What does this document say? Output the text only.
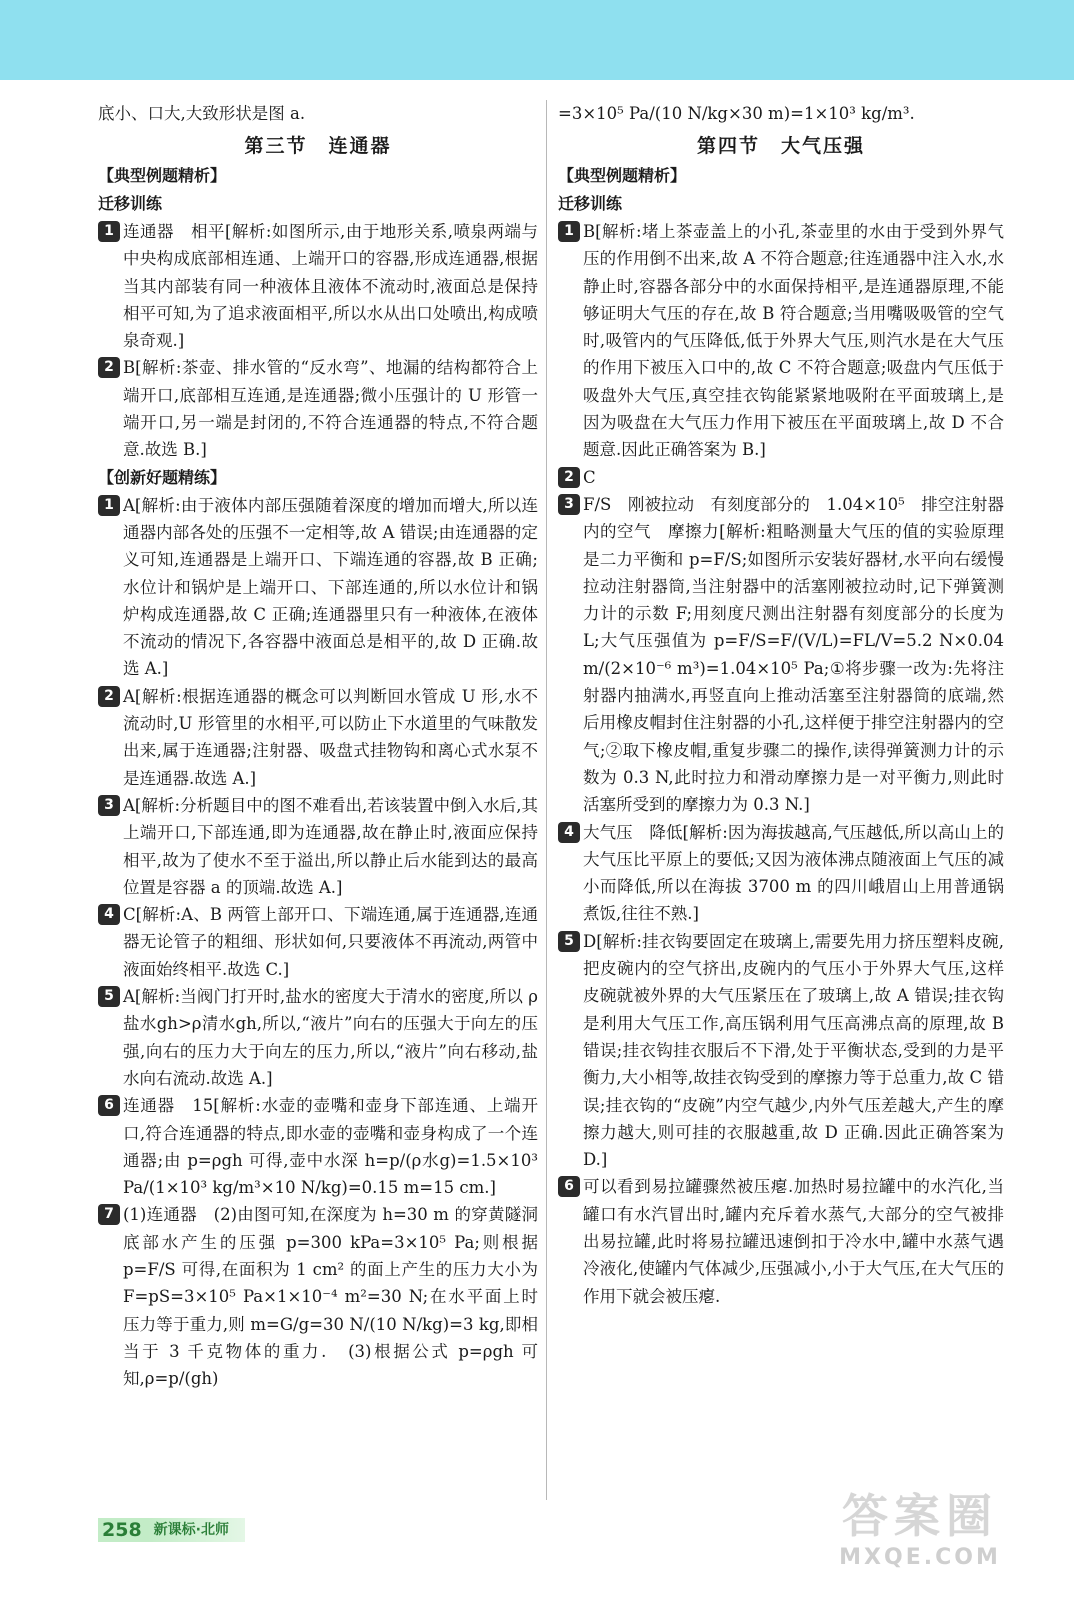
底小、口大,大致形状是图 a.

第三节　连通器
【典型例题精析】
迁移训练
1 连通器　相平[解析:如图所示,由于地形关系,喷泉两端与中央构成底部相连通、上端开口的容器,形成连通器,根据当其内部装有同一种液体且液体不流动时,液面总是保持相平可知,为了追求液面相平,所以水从出口处喷出,构成喷泉奇观.]
2 B[解析:茶壶、排水管的“反水弯”、地漏的结构都符合上端开口,底部相互连通,是连通器;微小压强计的 U 形管一端开口,另一端是封闭的,不符合连通器的特点,不符合题意.故选 B.]
【创新好题精练】
1 A[解析:由于液体内部压强随着深度的增加而增大,所以连通器内部各处的压强不一定相等,故 A 错误;由连通器的定义可知,连通器是上端开口、下端连通的容器,故 B 正确;水位计和锅炉是上端开口、下部连通的,所以水位计和锅炉构成连通器,故 C 正确;连通器里只有一种液体,在液体不流动的情况下,各容器中液面总是相平的,故 D 正确.故选 A.]
2 A[解析:根据连通器的概念可以判断回水管成 U 形,水不流动时,U 形管里的水相平,可以防止下水道里的气味散发出来,属于连通器;注射器、吸盘式挂物钩和离心式水泵不是连通器.故选 A.]
3 A[解析:分析题目中的图不难看出,若该装置中倒入水后,其上端开口,下部连通,即为连通器,故在静止时,液面应保持相平,故为了使水不至于溢出,所以静止后水能到达的最高位置是容器 a 的顶端.故选 A.]
4 C[解析:A、B 两管上部开口、下端连通,属于连通器,连通器无论管子的粗细、形状如何,只要液体不再流动,两管中液面始终相平.故选 C.]
5 A[解析:当阀门打开时,盐水的密度大于清水的密度,所以 ρ盐水gh>ρ清水gh,所以,“液片”向右的压强大于向左的压强,向右的压力大于向左的压力,所以,“液片”向右移动,盐水向右流动.故选 A.]
6 连通器　15[解析:水壶的壶嘴和壶身下部连通、上端开口,符合连通器的特点,即水壶的壶嘴和壶身构成了一个连通器;由 p=ρgh 可得,壶中水深 h=p/(ρ水g)=1.5×10³ Pa/(1×10³ kg/m³×10 N/kg)=0.15 m=15 cm.]
7 (1)连通器　(2)由图可知,在深度为 h=30 m 的穿黄隧洞底部水产生的压强 p=300 kPa=3×10⁵ Pa;则根据 p=F/S 可得,在面积为 1 cm² 的面上产生的压力大小为 F=pS=3×10⁵ Pa×1×10⁻⁴ m²=30 N;在水平面上时压力等于重力,则 m=G/g=30 N/(10 N/kg)=3 kg,即相当于 3 千克物体的重力.　(3)根据公式 p=ρgh 可知,ρ=p/(gh)

=3×10⁵ Pa/(10 N/kg×30 m)=1×10³ kg/m³.

第四节　大气压强
【典型例题精析】
迁移训练
1 B[解析:堵上茶壶盖上的小孔,茶壶里的水由于受到外界气压的作用倒不出来,故 A 不符合题意;往连通器中注入水,水静止时,容器各部分中的水面保持相平,是连通器原理,不能够证明大气压的存在,故 B 符合题意;当用嘴吸吸管的空气时,吸管内的气压降低,低于外界大气压,则汽水是在大气压的作用下被压入口中的,故 C 不符合题意;吸盘内气压低于吸盘外大气压,真空挂衣钩能紧紧地吸附在平面玻璃上,是因为吸盘在大气压力作用下被压在平面玻璃上,故 D 不合题意.因此正确答案为 B.]
2 C
3 F/S　刚被拉动　有刻度部分的　1.04×10⁵　排空注射器内的空气　摩擦力[解析:粗略测量大气压的值的实验原理是二力平衡和 p=F/S;如图所示安装好器材,水平向右缓慢拉动注射器筒,当注射器中的活塞刚被拉动时,记下弹簧测力计的示数 F;用刻度尺测出注射器有刻度部分的长度为 L;大气压强值为 p=F/S=F/(V/L)=FL/V=5.2 N×0.04 m/(2×10⁻⁶ m³)=1.04×10⁵ Pa;①将步骤一改为:先将注射器内抽满水,再竖直向上推动活塞至注射器筒的底端,然后用橡皮帽封住注射器的小孔,这样便于排空注射器内的空气;②取下橡皮帽,重复步骤二的操作,读得弹簧测力计的示数为 0.3 N,此时拉力和滑动摩擦力是一对平衡力,则此时活塞所受到的摩擦力为 0.3 N.]
4 大气压　降低[解析:因为海拔越高,气压越低,所以高山上的大气压比平原上的要低;又因为液体沸点随液面上气压的减小而降低,所以在海拔 3700 m 的四川峨眉山上用普通锅煮饭,往往不熟.]
5 D[解析:挂衣钩要固定在玻璃上,需要先用力挤压塑料皮碗,把皮碗内的空气挤出,皮碗内的气压小于外界大气压,这样皮碗就被外界的大气压紧压在了玻璃上,故 A 错误;挂衣钩是利用大气压工作,高压锅利用气压高沸点高的原理,故 B 错误;挂衣钩挂衣服后不下滑,处于平衡状态,受到的力是平衡力,大小相等,故挂衣钩受到的摩擦力等于总重力,故 C 错误;挂衣钩的“皮碗”内空气越少,内外气压差越大,产生的摩擦力越大,则可挂的衣服越重,故 D 正确.因此正确答案为 D.]
6 可以看到易拉罐骤然被压瘪.加热时易拉罐中的水汽化,当罐口有水汽冒出时,罐内充斥着水蒸气,大部分的空气被排出易拉罐,此时将易拉罐迅速倒扣于冷水中,罐中水蒸气遇冷液化,使罐内气体减少,压强减小,小于大气压,在大气压的作用下就会被压瘪.
258 新课标·北师	答案圈
MXQE.COM
